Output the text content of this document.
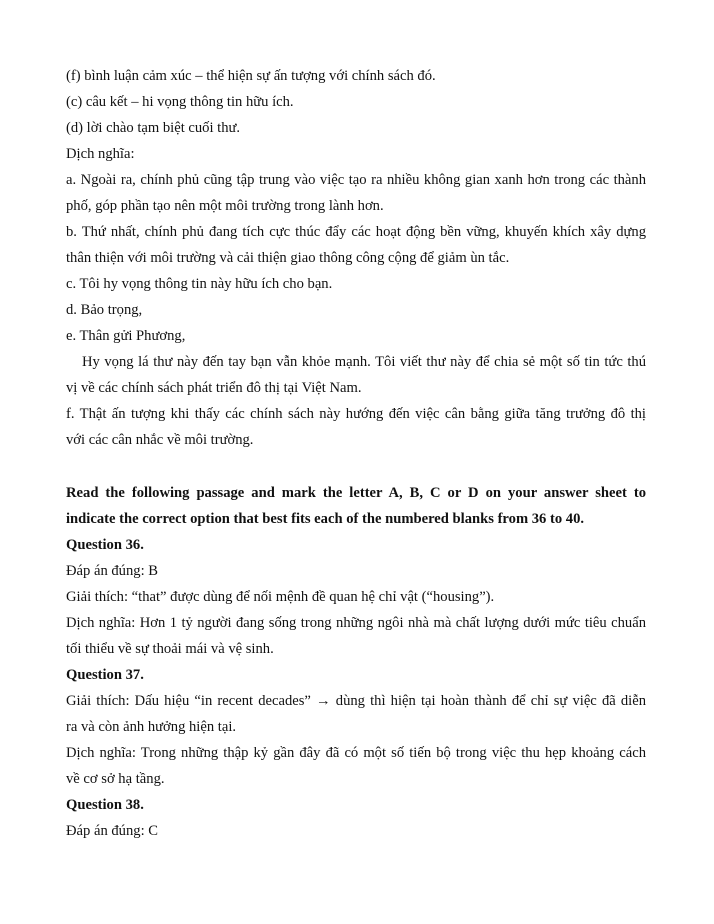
(f) bình luận cảm xúc – thể hiện sự ấn tượng với chính sách đó.
(c) câu kết – hi vọng thông tin hữu ích.
(d) lời chào tạm biệt cuối thư.
Dịch nghĩa:
a. Ngoài ra, chính phủ cũng tập trung vào việc tạo ra nhiều không gian xanh hơn trong các thành
phố, góp phần tạo nên một môi trường trong lành hơn.
b. Thứ nhất, chính phủ đang tích cực thúc đẩy các hoạt động bền vững, khuyến khích xây dựng
thân thiện với môi trường và cải thiện giao thông công cộng để giảm ùn tắc.
c. Tôi hy vọng thông tin này hữu ích cho bạn.
d. Bảo trọng,
e. Thân gửi Phương,
Hy vọng lá thư này đến tay bạn vẫn khỏe mạnh. Tôi viết thư này để chia sẻ một số tin tức thú
vị về các chính sách phát triển đô thị tại Việt Nam.
f. Thật ấn tượng khi thấy các chính sách này hướng đến việc cân bằng giữa tăng trưởng đô thị
với các cân nhắc về môi trường.
Read the following passage and mark the letter A, B, C or D on your answer sheet to
indicate the correct option that best fits each of the numbered blanks from 36 to 40.
Question 36.
Đáp án đúng: B
Giải thích: “that” được dùng để nối mệnh đề quan hệ chỉ vật (“housing”).
Dịch nghĩa: Hơn 1 tỷ người đang sống trong những ngôi nhà mà chất lượng dưới mức tiêu chuẩn
tối thiểu về sự thoải mái và vệ sinh.
Question 37.
Giải thích: Dấu hiệu “in recent decades” → dùng thì hiện tại hoàn thành để chỉ sự việc đã diễn
ra và còn ảnh hưởng hiện tại.
Dịch nghĩa: Trong những thập kỷ gần đây đã có một số tiến bộ trong việc thu hẹp khoảng cách
về cơ sở hạ tầng.
Question 38.
Đáp án đúng: C
